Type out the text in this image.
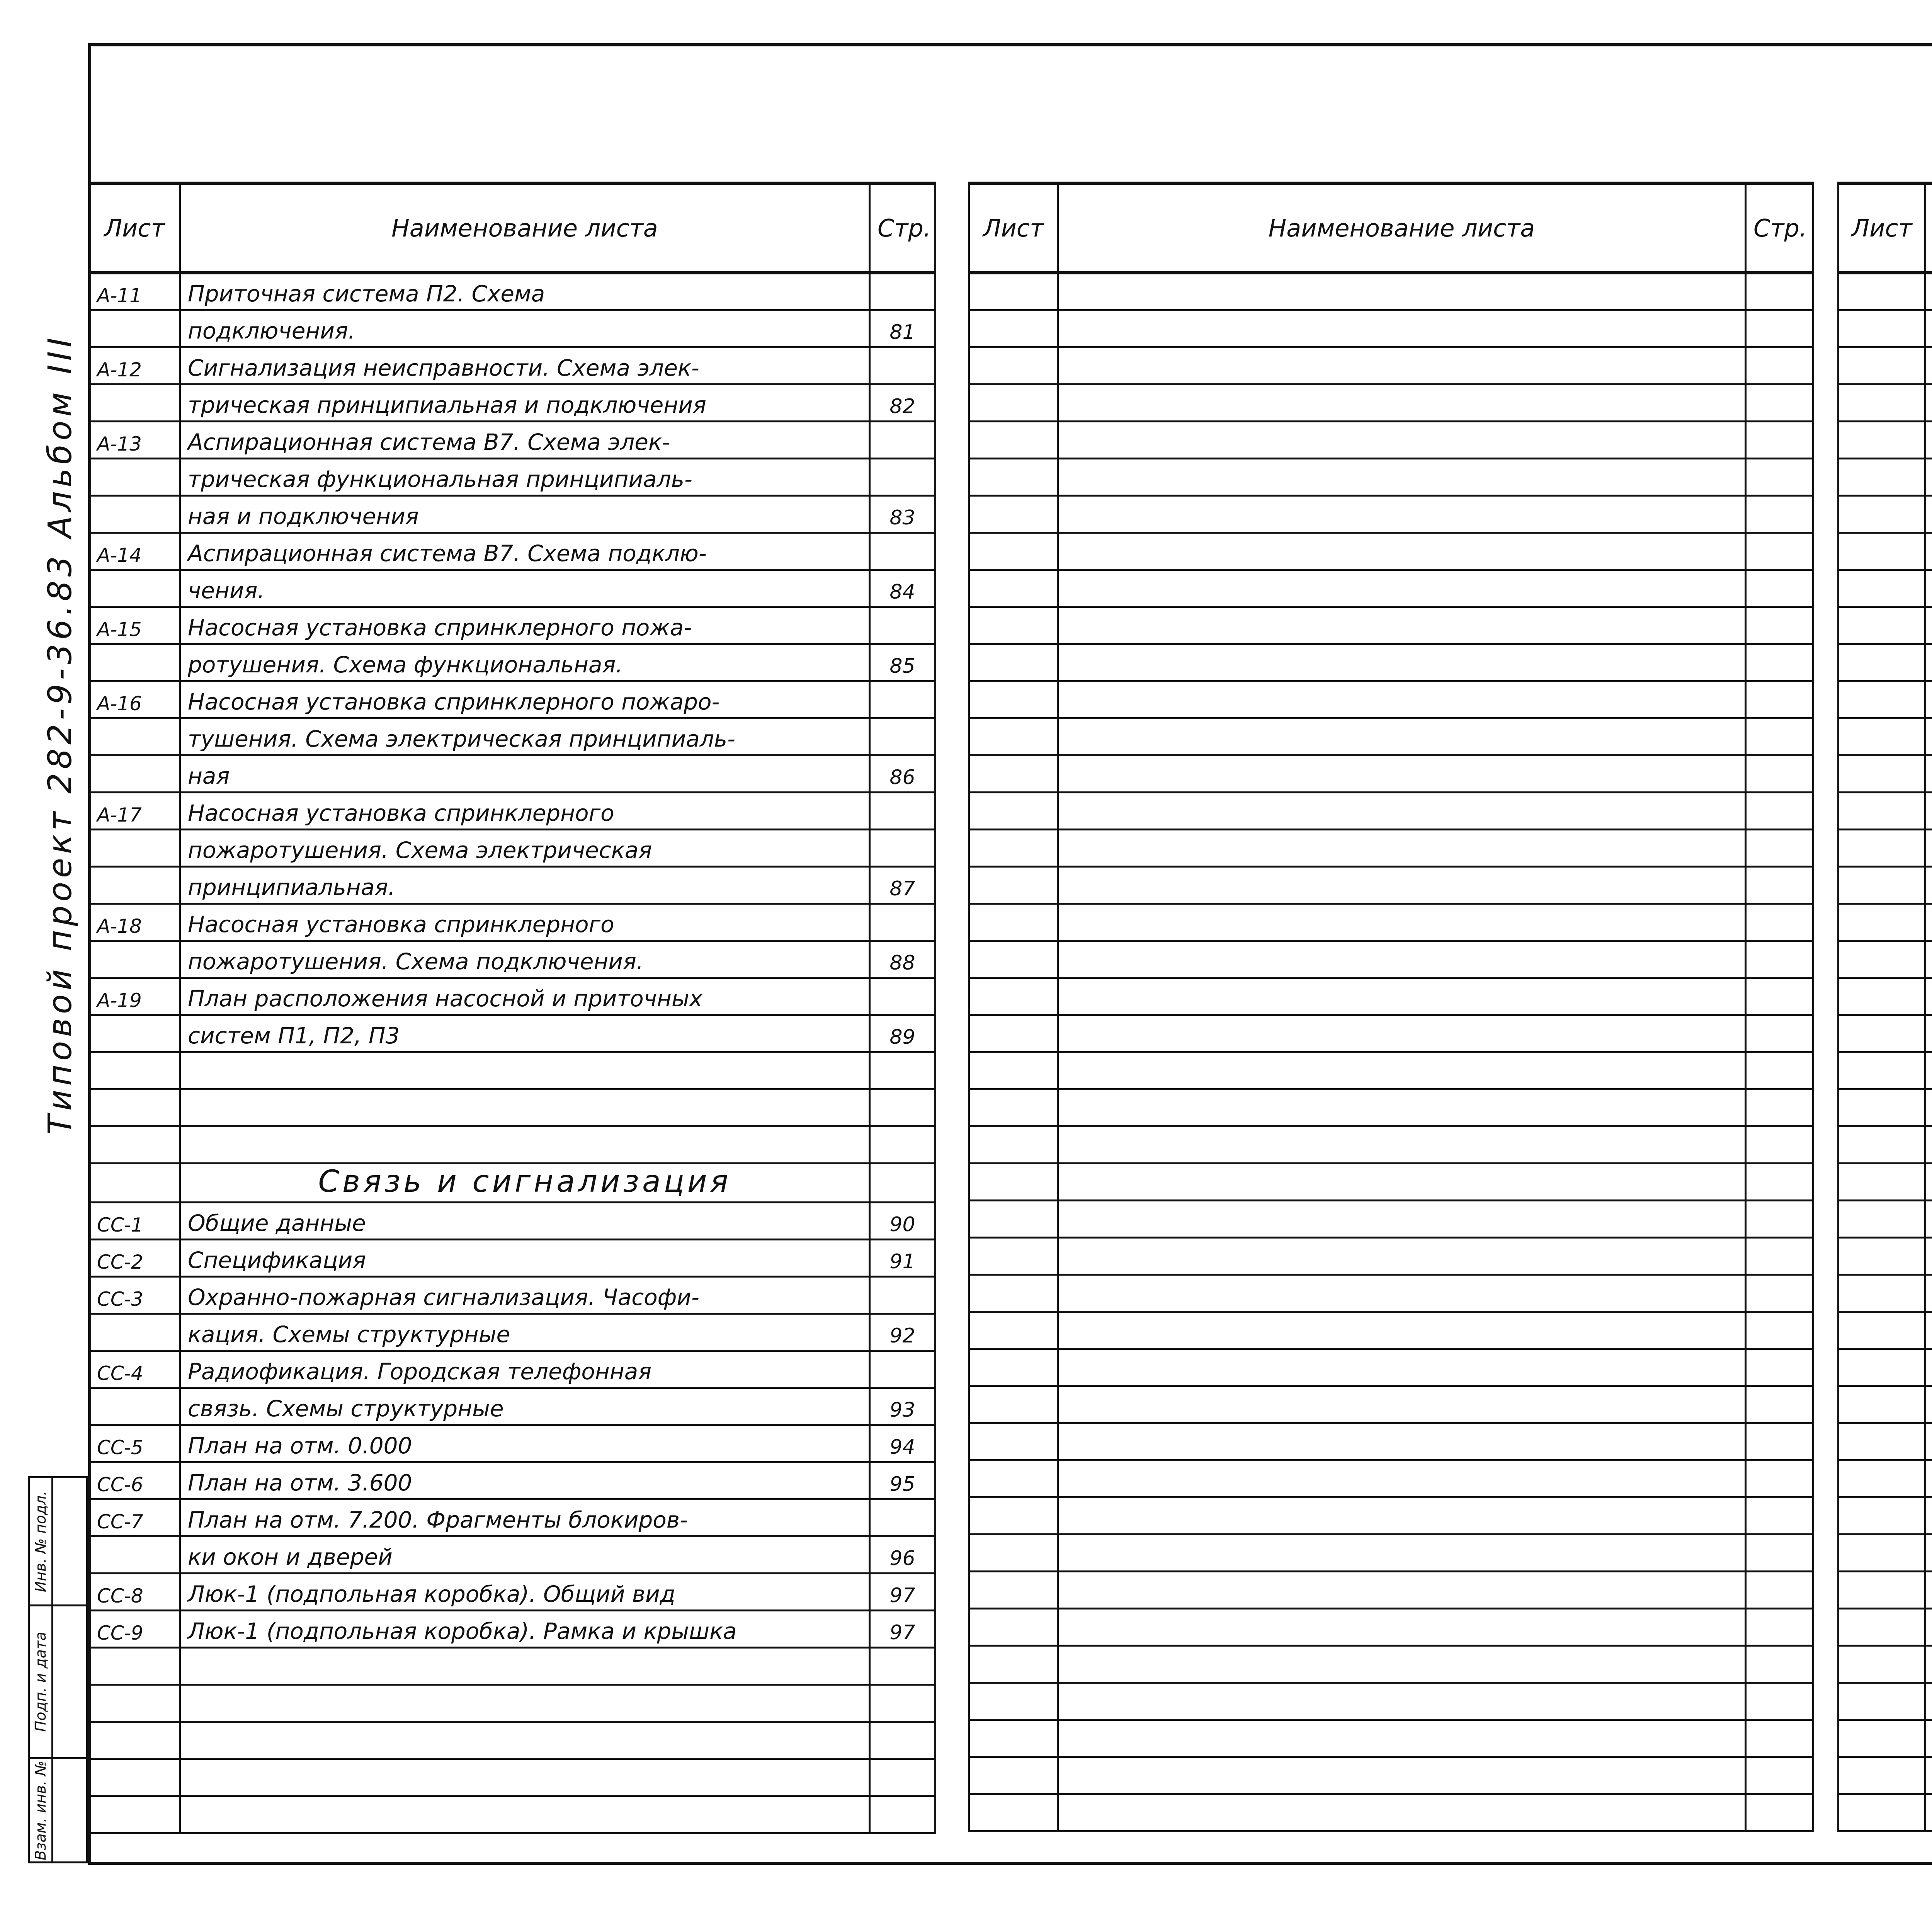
Типовой проект 282-9-36.83 Альбом III
Инв. № подл.
Подп. и дата
Взам. инв. №
Лист	Наименование листа	Стр.
А-11	Приточная система П2. Схема	
	подключения.	81
А-12	Сигнализация неисправности. Схема элек-	
	трическая принципиальная и подключения	82
А-13	Аспирационная система В7. Схема элек-	
	трическая функциональная принципиаль-	
	ная и подключения	83
А-14	Аспирационная система В7. Схема подклю-	
	чения.	84
А-15	Насосная установка спринклерного пожа-	
	ротушения. Схема функциональная.	85
А-16	Насосная установка спринклерного пожаро-	
	тушения. Схема электрическая принципиаль-	
	ная	86
А-17	Насосная установка спринклерного	
	пожаротушения. Схема электрическая	
	принципиальная.	87
А-18	Насосная установка спринклерного	
	пожаротушения. Схема подключения.	88
А-19	План расположения насосной и приточных	
	систем П1, П2, П3	89

	Связь и сигнализация	
СС-1	Общие данные	90
СС-2	Спецификация	91
СС-3	Охранно-пожарная сигнализация. Часофи-	
	кация. Схемы структурные	92
СС-4	Радиофикация. Городская телефонная	
	связь. Схемы структурные	93
СС-5	План на отм. 0.000	94
СС-6	План на отм. 3.600	95
СС-7	План на отм. 7.200. Фрагменты блокиров-	
	ки окон и дверей	96
СС-8	Люк-1 (подпольная коробка). Общий вид	97
СС-9	Люк-1 (подпольная коробка). Рамка и крышка	97

Лист	Наименование листа	Стр.

		Лист		
